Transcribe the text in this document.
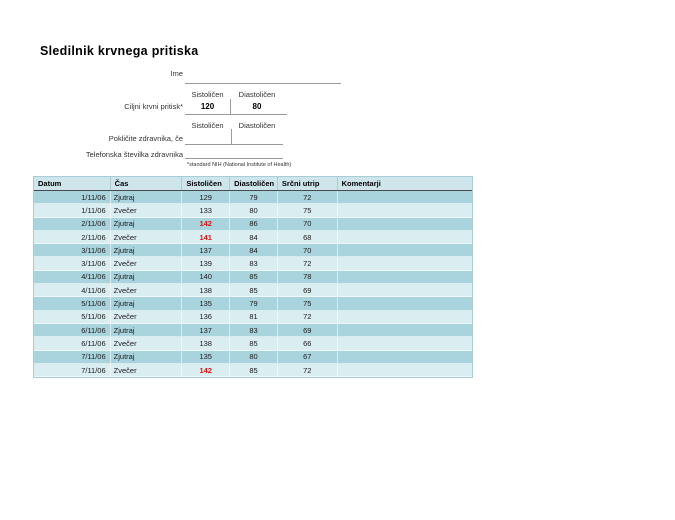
Sledilnik krvnega pritiska
Ime
Sistoličen	Diastoličen
Ciljni krvni pritisk*	120	80
Sistoličen	Diastoličen
Pokličite zdravnika, če
Telefonska številka zdravnika
*standard NIH (National Institute of Health)
Datum	Čas	Sistoličen	Diastoličen	Srčni utrip	Komentarji
1/11/06	Zjutraj	129	79	72
1/11/06	Zvečer	133	80	75
2/11/06	Zjutraj	142	86	70
2/11/06	Zvečer	141	84	68
3/11/06	Zjutraj	137	84	70
3/11/06	Zvečer	139	83	72
4/11/06	Zjutraj	140	85	78
4/11/06	Zvečer	138	85	69
5/11/06	Zjutraj	135	79	75
5/11/06	Zvečer	136	81	72
6/11/06	Zjutraj	137	83	69
6/11/06	Zvečer	138	85	66
7/11/06	Zjutraj	135	80	67
7/11/06	Zvečer	142	85	72
